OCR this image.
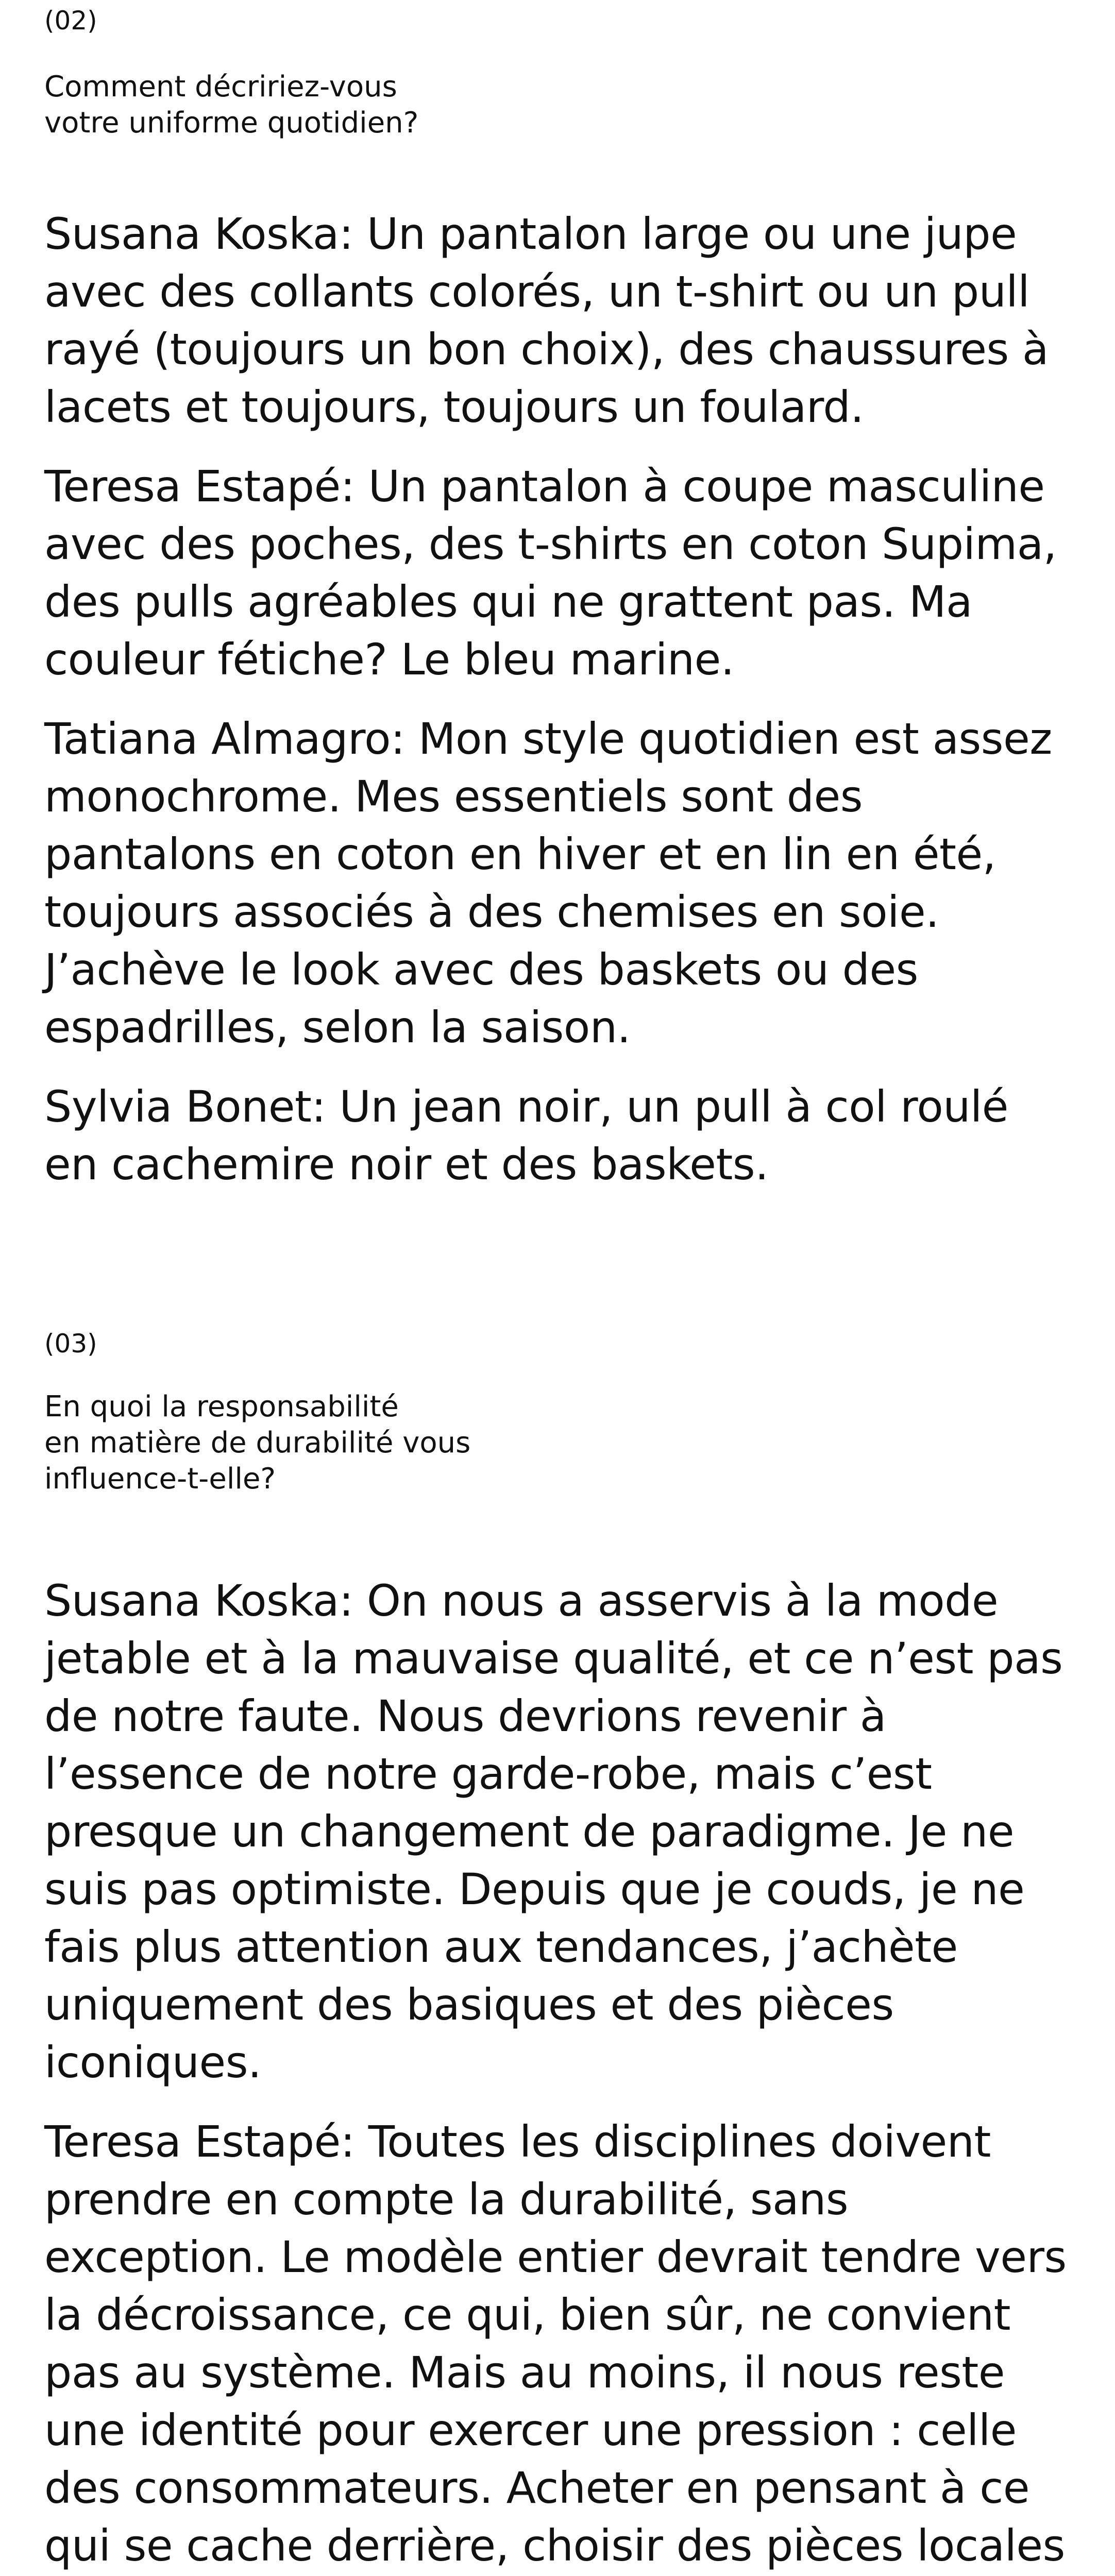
(02)

Comment décririez-vous
votre uniforme quotidien?

Susana Koska: Un pantalon large ou une jupe avec des collants colorés, un t-shirt ou un pull rayé (toujours un bon choix), des chaussures à lacets et toujours, toujours un foulard.

Teresa Estapé: Un pantalon à coupe masculine avec des poches, des t-shirts en coton Supima, des pulls agréables qui ne grattent pas. Ma couleur fétiche? Le bleu marine.

Tatiana Almagro: Mon style quotidien est assez monochrome. Mes essentiels sont des pantalons en coton en hiver et en lin en été, toujours associés à des chemises en soie. J’achève le look avec des baskets ou des espadrilles, selon la saison.

Sylvia Bonet: Un jean noir, un pull à col roulé en cachemire noir et des baskets.

(03)

En quoi la responsabilité
en matière de durabilité vous
influence-t-elle?

Susana Koska: On nous a asservis à la mode jetable et à la mauvaise qualité, et ce n’est pas de notre faute. Nous devrions revenir à l’essence de notre garde-robe, mais c’est presque un changement de paradigme. Je ne suis pas optimiste. Depuis que je couds, je ne fais plus attention aux tendances, j’achète uniquement des basiques et des pièces iconiques.

Teresa Estapé: Toutes les disciplines doivent prendre en compte la durabilité, sans exception. Le modèle entier devrait tendre vers la décroissance, ce qui, bien sûr, ne convient pas au système. Mais au moins, il nous reste une identité pour exercer une pression : celle des consommateurs. Acheter en pensant à ce qui se cache derrière, choisir des pièces locales
